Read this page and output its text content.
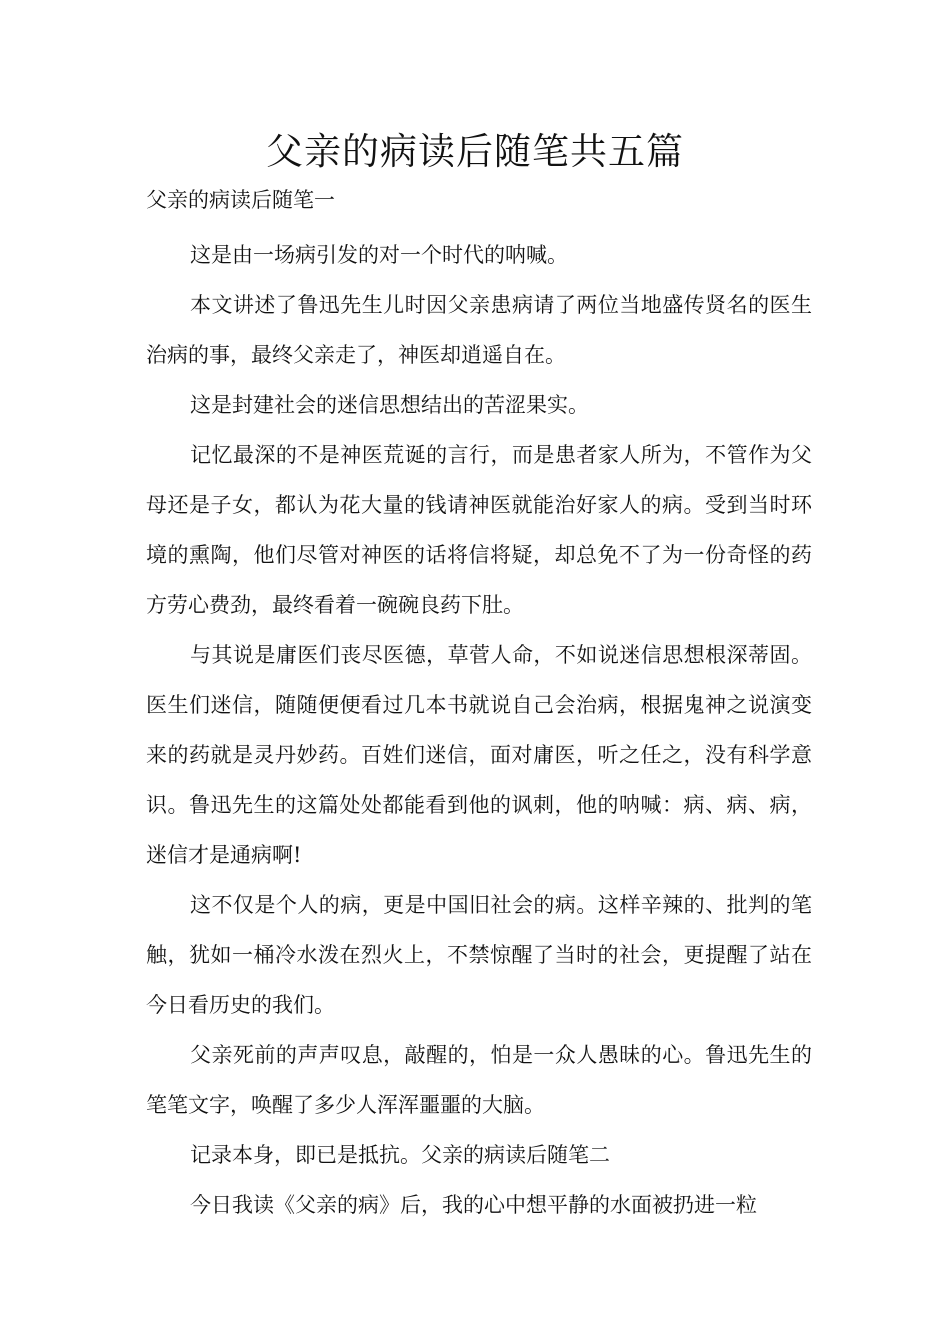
父亲的病读后随笔共五篇
父亲的病读后随笔一

这是由一场病引发的对一个时代的呐喊。

本文讲述了鲁迅先生儿时因父亲患病请了两位当地盛传贤名的医生治病的事，最终父亲走了，神医却逍遥自在。

这是封建社会的迷信思想结出的苦涩果实。

记忆最深的不是神医荒诞的言行，而是患者家人所为，不管作为父母还是子女，都认为花大量的钱请神医就能治好家人的病。受到当时环境的熏陶，他们尽管对神医的话将信将疑，却总免不了为一份奇怪的药方劳心费劲，最终看着一碗碗良药下肚。

与其说是庸医们丧尽医德，草菅人命，不如说迷信思想根深蒂固。医生们迷信，随随便便看过几本书就说自己会治病，根据鬼神之说演变来的药就是灵丹妙药。百姓们迷信，面对庸医，听之任之，没有科学意识。鲁迅先生的这篇处处都能看到他的讽刺，他的呐喊：病、病、病，迷信才是通病啊!

这不仅是个人的病，更是中国旧社会的病。这样辛辣的、批判的笔触，犹如一桶冷水泼在烈火上，不禁惊醒了当时的社会，更提醒了站在今日看历史的我们。

父亲死前的声声叹息，敲醒的，怕是一众人愚昧的心。鲁迅先生的笔笔文字，唤醒了多少人浑浑噩噩的大脑。

记录本身，即已是抵抗。父亲的病读后随笔二

今日我读《父亲的病》后，我的心中想平静的水面被扔进一粒
